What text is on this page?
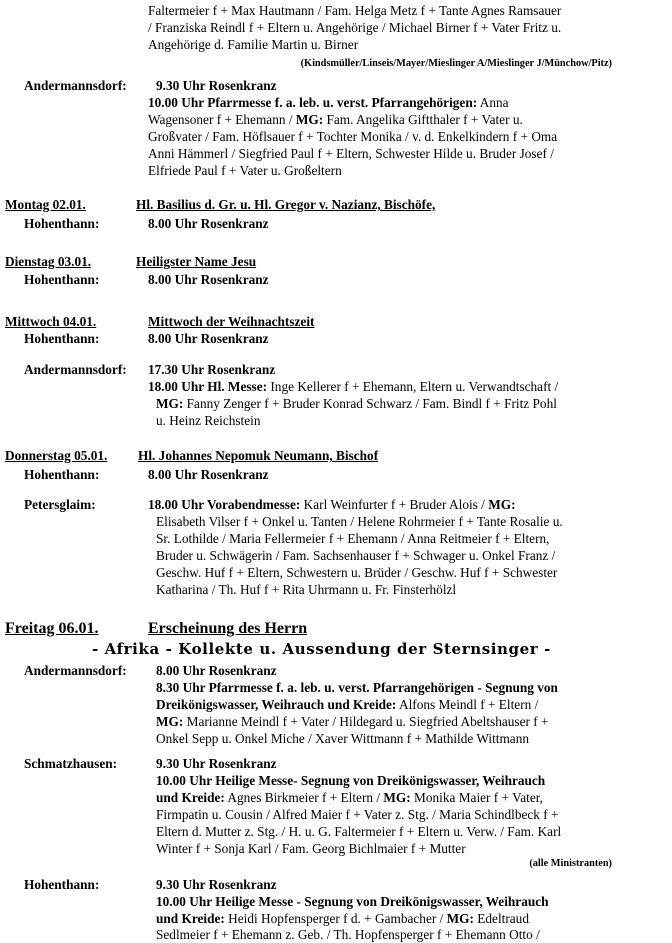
Faltermeier f + Max Hautmann / Fam. Helga Metz f + Tante Agnes Ramsauer
/ Franziska Reindl f + Eltern u. Angehörige / Michael Birner f + Vater Fritz u.
Angehörige d. Familie Martin u. Birner
(Kindsmüller/Linseis/Mayer/Mieslinger A/Mieslinger J/Münchow/Pitz)
Andermannsdorf: 9.30 Uhr Rosenkranz
10.00 Uhr Pfarrmesse f. a. leb. u. verst. Pfarrangehörigen: Anna
Wagensoner f + Ehemann / MG: Fam. Angelika Giftthaler f + Vater u.
Großvater / Fam. Höflsauer f + Tochter Monika / v. d. Enkelkindern f + Oma
Anni Hämmerl / Siegfried Paul f + Eltern, Schwester Hilde u. Bruder Josef /
Elfriede Paul f + Vater u. Großeltern
Montag 02.01.	Hl. Basilius d. Gr. u. Hl. Gregor v. Nazianz, Bischöfe,
Hohenthann:	8.00 Uhr Rosenkranz
Dienstag 03.01.	Heiligster Name Jesu
Hohenthann:	8.00 Uhr Rosenkranz
Mittwoch 04.01.	Mittwoch der Weihnachtszeit
Hohenthann:	8.00 Uhr Rosenkranz
Andermannsdorf: 17.30 Uhr Rosenkranz
18.00 Uhr Hl. Messe: Inge Kellerer f + Ehemann, Eltern u. Verwandtschaft /
MG: Fanny Zenger f + Bruder Konrad Schwarz / Fam. Bindl f + Fritz Pohl
u. Heinz Reichstein
Donnerstag 05.01. Hl. Johannes Nepomuk Neumann, Bischof
Hohenthann:	8.00 Uhr Rosenkranz
Petersglaim:	18.00 Uhr Vorabendmesse: Karl Weinfurter f + Bruder Alois / MG:
Elisabeth Vilser f + Onkel u. Tanten / Helene Rohrmeier f + Tante Rosalie u.
Sr. Lothilde / Maria Fellermeier f + Ehemann / Anna Reitmeier f + Eltern,
Bruder u. Schwägerin / Fam. Sachsenhauser f + Schwager u. Onkel Franz /
Geschw. Huf f + Eltern, Schwestern u. Brüder / Geschw. Huf f + Schwester
Katharina / Th. Huf f + Rita Uhrmann u. Fr. Finsterhölzl
Freitag 06.01.	Erscheinung des Herrn
- Afrika - Kollekte u. Aussendung der Sternsinger -
Andermannsdorf: 8.00 Uhr Rosenkranz
8.30 Uhr Pfarrmesse f. a. leb. u. verst. Pfarrangehörigen - Segnung von
Dreikönigswasser, Weihrauch und Kreide: Alfons Meindl f + Eltern /
MG: Marianne Meindl f + Vater / Hildegard u. Siegfried Abeltshauser f +
Onkel Sepp u. Onkel Miche / Xaver Wittmann f + Mathilde Wittmann
Schmatzhausen:	9.30 Uhr Rosenkranz
10.00 Uhr Heilige Messe- Segnung von Dreikönigswasser, Weihrauch
und Kreide: Agnes Birkmeier f + Eltern / MG: Monika Maier f + Vater,
Firmpatin u. Cousin / Alfred Maier f + Vater z. Stg. / Maria Schindlbeck f +
Eltern d. Mutter z. Stg. / H. u. G. Faltermeier f + Eltern u. Verw. / Fam. Karl
Winter f + Sonja Karl / Fam. Georg Bichlmaier f + Mutter
(alle Ministranten)
Hohenthann:	9.30 Uhr Rosenkranz
10.00 Uhr Heilige Messe - Segnung von Dreikönigswasser, Weihrauch
und Kreide: Heidi Hopfensperger f d. + Gambacher / MG: Edeltraud
Sedlmeier f + Ehemann z. Geb. / Th. Hopfensperger f + Ehemann Otto /
